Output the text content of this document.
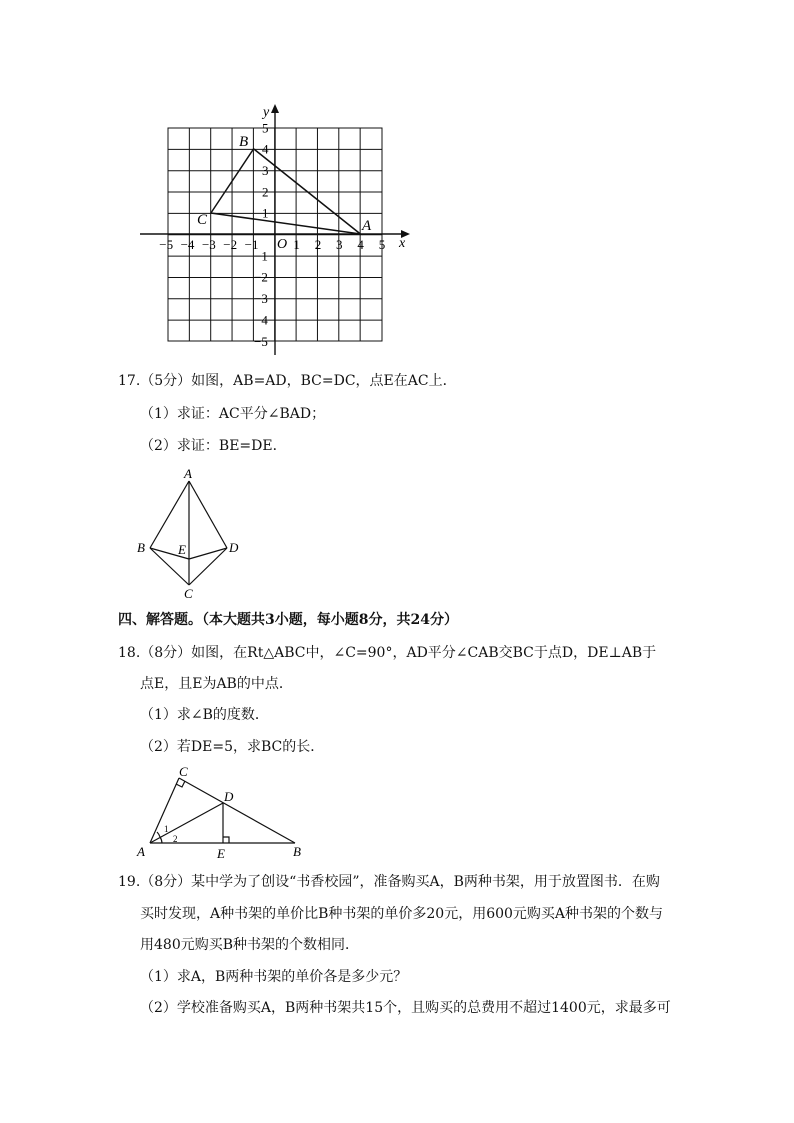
x
y
O
−5 −4 −3 −2 −1	1 2 3 4 5
1
2
3
4
5
−1
−2
−3
−4
−5
A
B
C
17.（5分）如图，AB=AD，BC=DC，点E在AC上．
（1）求证：AC平分∠BAD；
（2）求证：BE=DE．
A
B	D
E
C
四、解答题。（本大题共3小题，每小题8分，共24分）
18.（8分）如图，在Rt△ABC中，∠C=90°，AD平分∠CAB交BC于点D，DE⊥AB于
点E，且E为AB的中点．
（1）求∠B的度数．
（2）若DE=5，求BC的长．
C
D
A	E	B
1
2
19.（8分）某中学为了创设“书香校园”，准备购买A，B两种书架，用于放置图书．在购
买时发现，A种书架的单价比B种书架的单价多20元，用600元购买A种书架的个数与
用480元购买B种书架的个数相同．
（1）求A，B两种书架的单价各是多少元？
（2）学校准备购买A，B两种书架共15个，且购买的总费用不超过1400元，求最多可
